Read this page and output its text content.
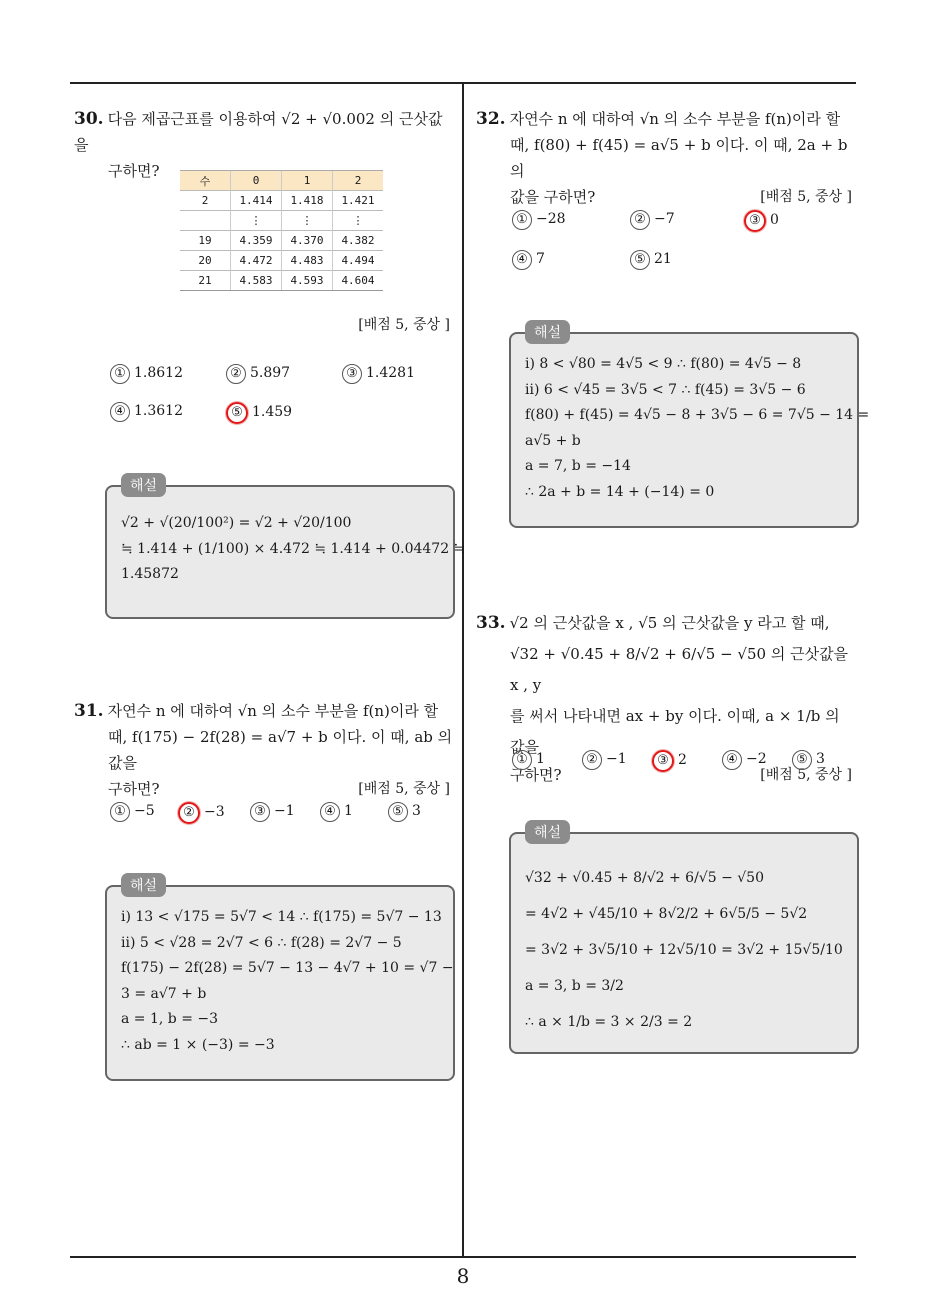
8
30. 다음 제곱근표를 이용하여 √2 + √0.002 의 근삿값을
구하면?
수	0	1	2
2	1.414	1.418	1.421
	⋮	⋮	⋮
19	4.359	4.370	4.382
20	4.472	4.483	4.494
21	4.583	4.593	4.604
[배점 5, 중상 ]
① 1.8612	② 5.897	③ 1.4281
④ 1.3612	⑤ 1.459
해설
√2 + √(20/100²) = √2 + √20/100
≒ 1.414 + (1/100) × 4.472 ≒ 1.414 + 0.04472 ≒
1.45872
31. 자연수 n 에 대하여 √n 의 소수 부분을 f(n)이라 할
때, f(175) − 2f(28) = a√7 + b 이다. 이 때, ab 의 값을
구하면?	[배점 5, 중상 ]
① −5	② −3	③ −1	④ 1	⑤ 3
해설
ⅰ) 13 < √175 = 5√7 < 14 ∴ f(175) = 5√7 − 13
ⅱ) 5 < √28 = 2√7 < 6 ∴ f(28) = 2√7 − 5
f(175) − 2f(28) = 5√7 − 13 − 4√7 + 10 = √7 −
3 = a√7 + b
a = 1, b = −3
∴ ab = 1 × (−3) = −3
32. 자연수 n 에 대하여 √n 의 소수 부분을 f(n)이라 할
때, f(80) + f(45) = a√5 + b 이다. 이 때, 2a + b 의
값을 구하면?	[배점 5, 중상 ]
① −28	② −7	③ 0
④ 7	⑤ 21
해설
ⅰ) 8 < √80 = 4√5 < 9 ∴ f(80) = 4√5 − 8
ⅱ) 6 < √45 = 3√5 < 7 ∴ f(45) = 3√5 − 6
f(80) + f(45) = 4√5 − 8 + 3√5 − 6 = 7√5 − 14 =
a√5 + b
a = 7, b = −14
∴ 2a + b = 14 + (−14) = 0
33. √2 의 근삿값을 x , √5 의 근삿값을 y 라고 할 때,
√32 + √0.45 + 8/√2 + 6/√5 − √50 의 근삿값을 x , y
를 써서 나타내면 ax + by 이다. 이때, a × 1/b 의 값을
구하면?	[배점 5, 중상 ]
① 1	② −1	③ 2	④ −2	⑤ 3
해설
√32 + √0.45 + 8/√2 + 6/√5 − √50
= 4√2 + √45/10 + 8√2/2 + 6√5/5 − 5√2
= 3√2 + 3√5/10 + 12√5/10 = 3√2 + 15√5/10
a = 3, b = 3/2
∴ a × 1/b = 3 × 2/3 = 2
